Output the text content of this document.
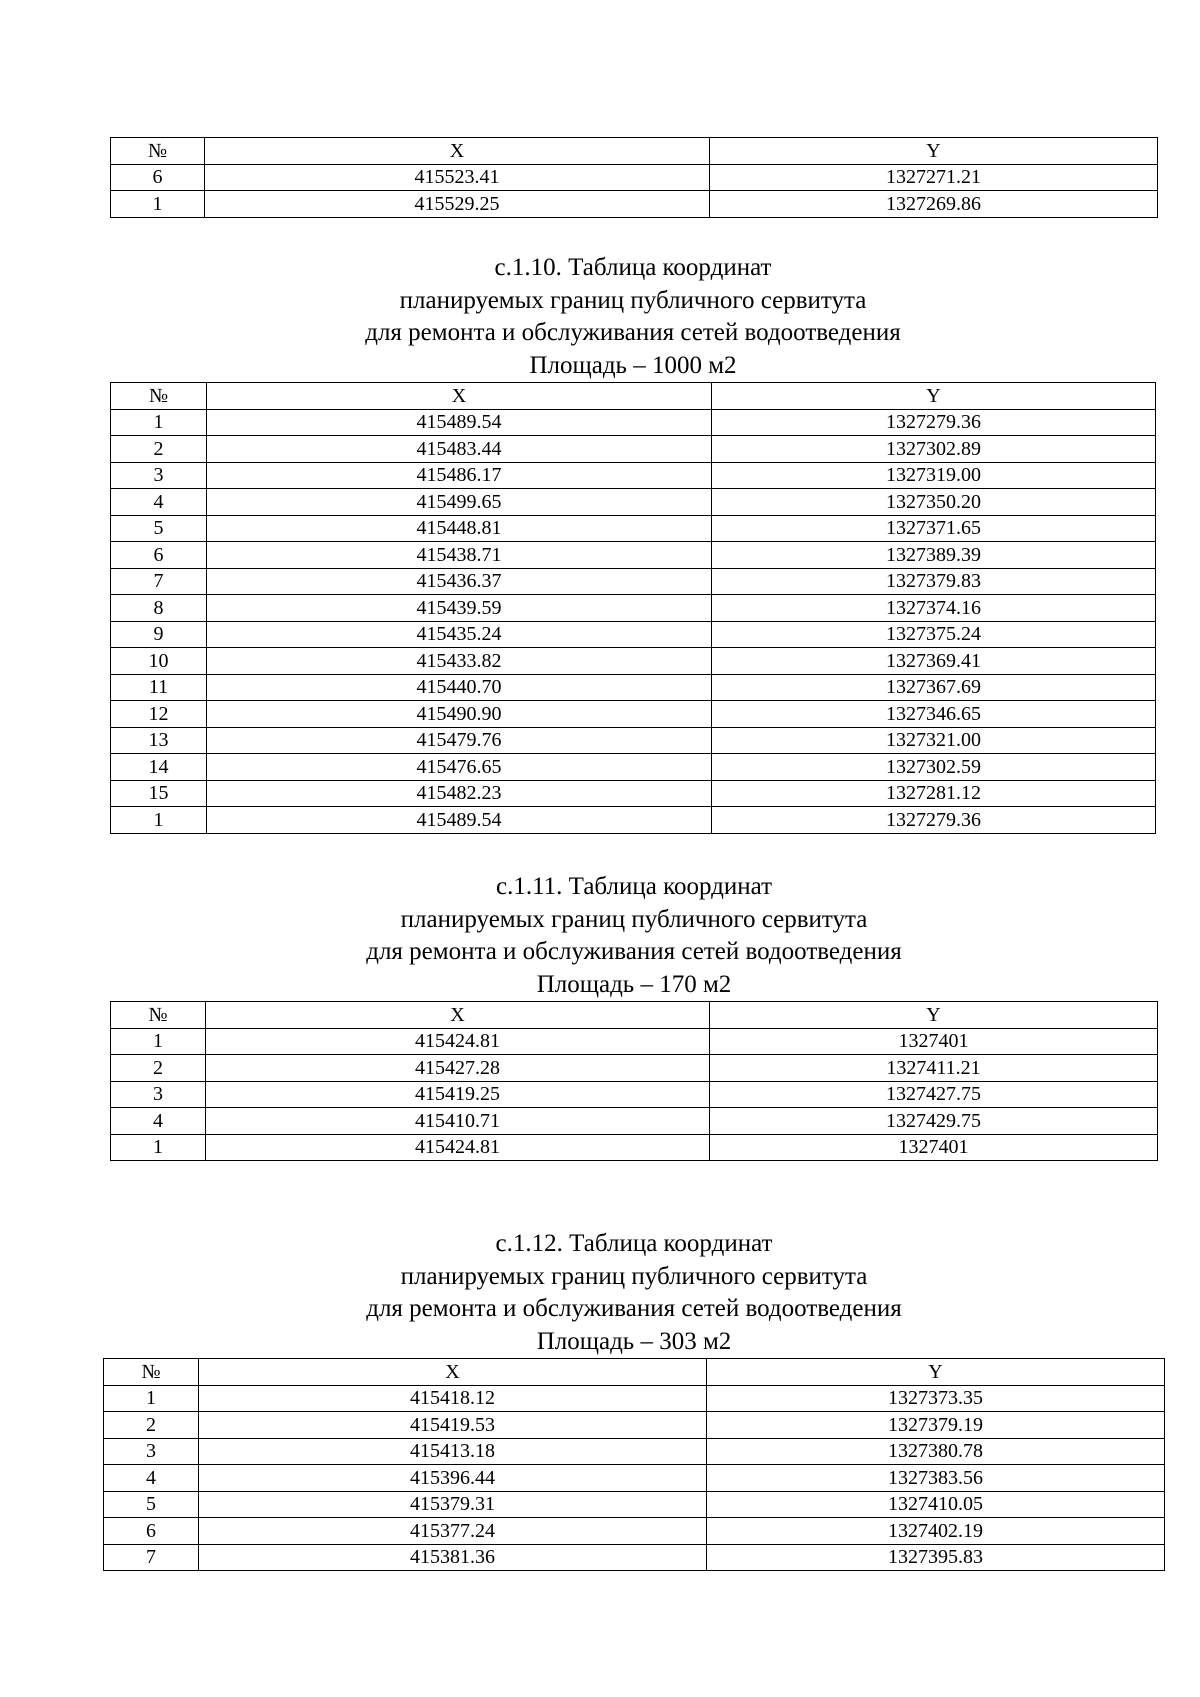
№	X	Y
6	415523.41	1327271.21
1	415529.25	1327269.86
с.1.10. Таблица координат
планируемых границ публичного сервитута
для ремонта и обслуживания сетей водоотведения
Площадь – 1000 м2
№	X	Y
1	415489.54	1327279.36
2	415483.44	1327302.89
3	415486.17	1327319.00
4	415499.65	1327350.20
5	415448.81	1327371.65
6	415438.71	1327389.39
7	415436.37	1327379.83
8	415439.59	1327374.16
9	415435.24	1327375.24
10	415433.82	1327369.41
11	415440.70	1327367.69
12	415490.90	1327346.65
13	415479.76	1327321.00
14	415476.65	1327302.59
15	415482.23	1327281.12
1	415489.54	1327279.36
с.1.11. Таблица координат
планируемых границ публичного сервитута
для ремонта и обслуживания сетей водоотведения
Площадь – 170 м2
№	X	Y
1	415424.81	1327401
2	415427.28	1327411.21
3	415419.25	1327427.75
4	415410.71	1327429.75
1	415424.81	1327401
с.1.12. Таблица координат
планируемых границ публичного сервитута
для ремонта и обслуживания сетей водоотведения
Площадь – 303 м2
№	X	Y
1	415418.12	1327373.35
2	415419.53	1327379.19
3	415413.18	1327380.78
4	415396.44	1327383.56
5	415379.31	1327410.05
6	415377.24	1327402.19
7	415381.36	1327395.83
